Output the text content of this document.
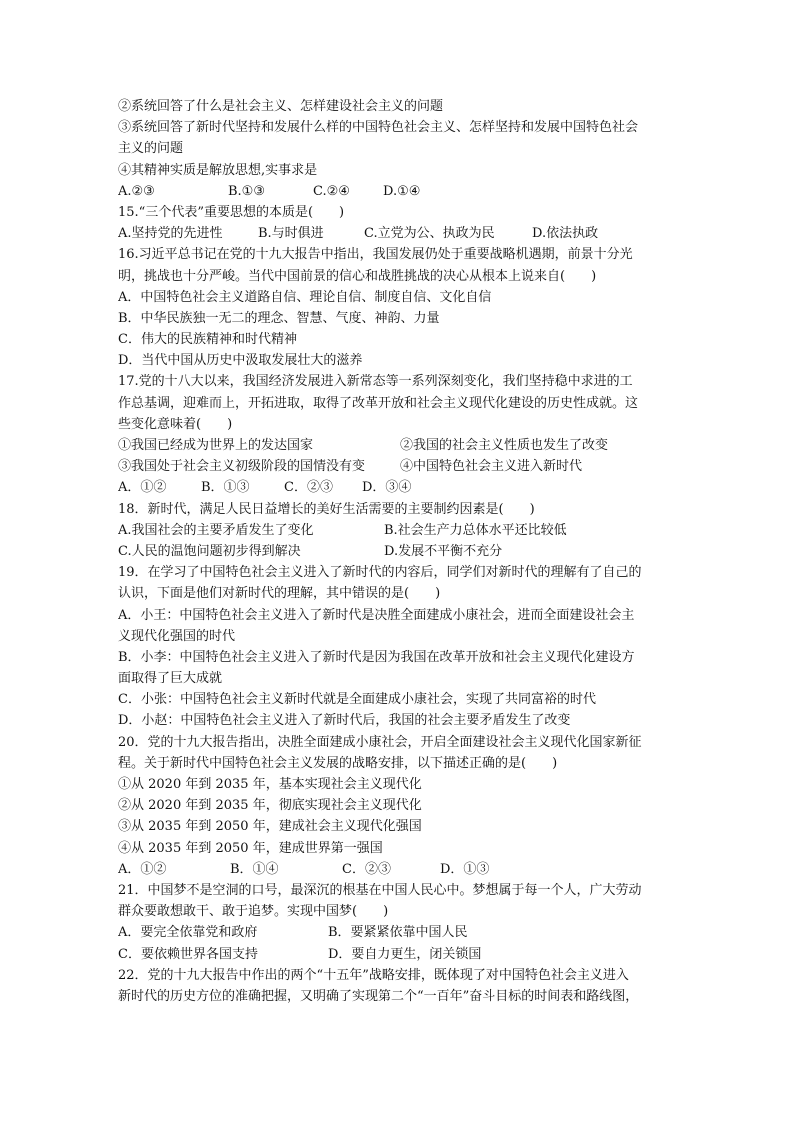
②系统回答了什么是社会主义、怎样建设社会主义的问题
③系统回答了新时代坚持和发展什么样的中国特色社会主义、怎样坚持和发展中国特色社会
主义的问题
④其精神实质是解放思想,实事求是
A.②③	B.①③	C.②④	D.①④
15.“三个代表”重要思想的本质是(　　)
A.坚持党的先进性	B.与时俱进	C.立党为公、执政为民	D.依法执政
16.习近平总书记在党的十九大报告中指出，我国发展仍处于重要战略机遇期，前景十分光
明，挑战也十分严峻。当代中国前景的信心和战胜挑战的决心从根本上说来自(　　)
A．中国特色社会主义道路自信、理论自信、制度自信、文化自信
B．中华民族独一无二的理念、智慧、气度、神韵、力量
C．伟大的民族精神和时代精神
D．当代中国从历史中汲取发展壮大的滋养
17.党的十八大以来，我国经济发展进入新常态等一系列深刻变化，我们坚持稳中求进的工
作总基调，迎难而上，开拓进取，取得了改革开放和社会主义现代化建设的历史性成就。这
些变化意味着(　　)
①我国已经成为世界上的发达国家	②我国的社会主义性质也发生了改变
③我国处于社会主义初级阶段的国情没有变	④中国特色社会主义进入新时代
A．①②	B．①③	C．②③	D．③④
18．新时代，满足人民日益增长的美好生活需要的主要制约因素是(　　)
A.我国社会的主要矛盾发生了变化	B.社会生产力总体水平还比较低
C.人民的温饱问题初步得到解决	D.发展不平衡不充分
19．在学习了中国特色社会主义进入了新时代的内容后，同学们对新时代的理解有了自己的
认识，下面是他们对新时代的理解，其中错误的是(　　)
A．小王：中国特色社会主义进入了新时代是决胜全面建成小康社会，进而全面建设社会主
义现代化强国的时代
B．小李：中国特色社会主义进入了新时代是因为我国在改革开放和社会主义现代化建设方
面取得了巨大成就
C．小张：中国特色社会主义新时代就是全面建成小康社会，实现了共同富裕的时代
D．小赵：中国特色社会主义进入了新时代后，我国的社会主要矛盾发生了改变
20．党的十九大报告指出，决胜全面建成小康社会，开启全面建设社会主义现代化国家新征
程。关于新时代中国特色社会主义发展的战略安排，以下描述正确的是(　　)
①从 2020 年到 2035 年，基本实现社会主义现代化
②从 2020 年到 2035 年，彻底实现社会主义现代化
③从 2035 年到 2050 年，建成社会主义现代化强国
④从 2035 年到 2050 年，建成世界第一强国
A．①②	B．①④	C．②③	D．①③
21．中国梦不是空洞的口号，最深沉的根基在中国人民心中。梦想属于每一个人，广大劳动
群众要敢想敢干、敢于追梦。实现中国梦(　　)
A．要完全依靠党和政府	B．要紧紧依靠中国人民
C．要依赖世界各国支持	D．要自力更生，闭关锁国
22．党的十九大报告中作出的两个“十五年”战略安排，既体现了对中国特色社会主义进入
新时代的历史方位的准确把握，又明确了实现第二个“一百年”奋斗目标的时间表和路线图，
